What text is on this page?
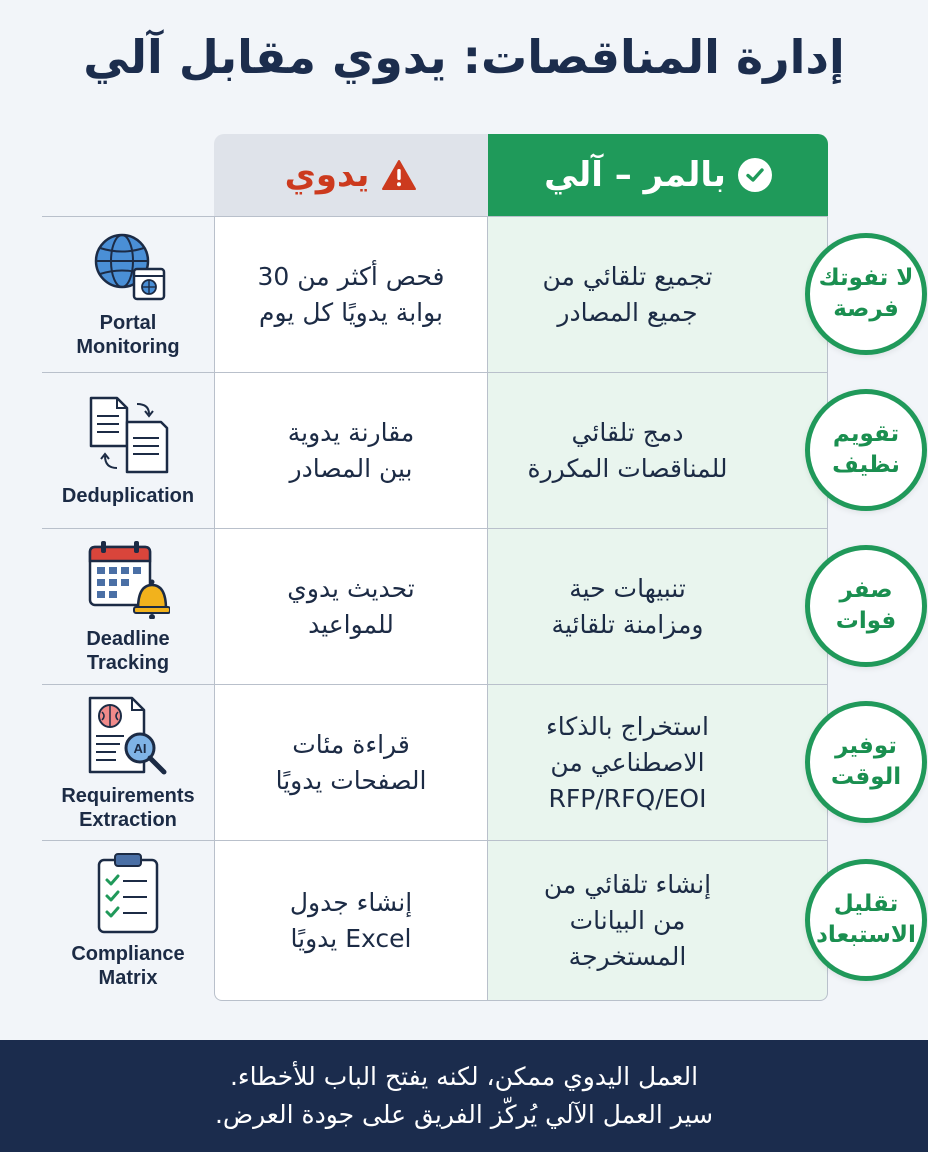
إدارة المناقصات: يدوي مقابل آلي
بالمر – آلي
يدوي
Portal
Monitoring
فحص أكثر من 30
بوابة يدويًا كل يوم
تجميع تلقائي من
جميع المصادر
لا تفوتك
فرصة
Deduplication
مقارنة يدوية
بين المصادر
دمج تلقائي
للمناقصات المكررة
تقويم
نظيف
Deadline
Tracking
تحديث يدوي
للمواعيد
تنبيهات حية
ومزامنة تلقائية
صفر
فوات
AI
Requirements
Extraction
قراءة مئات
الصفحات يدويًا
استخراج بالذكاء
الاصطناعي من
RFP/RFQ/EOI
توفير
الوقت
Compliance
Matrix
إنشاء جدول
Excel يدويًا
إنشاء تلقائي من
من البيانات
المستخرجة
تقليل
الاستبعاد
العمل اليدوي ممكن، لكنه يفتح الباب للأخطاء.
سير العمل الآلي يُركّز الفريق على جودة العرض.
